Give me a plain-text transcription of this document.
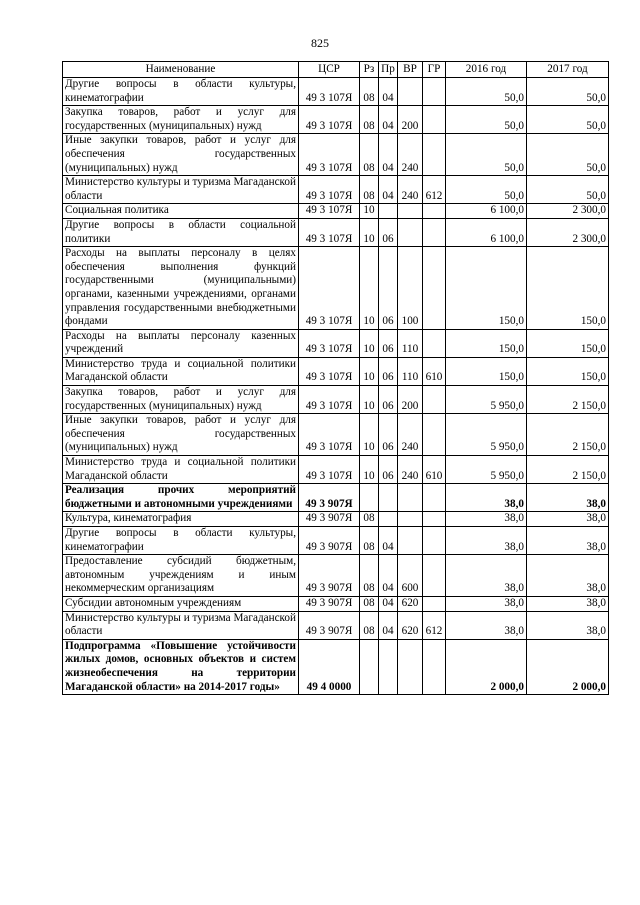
825
Наименование	ЦСР	Рз	Пр	ВР	ГР	2016 год	2017 год
Другие вопросы в области культуры, кинематографии	49 3 107Я	08	04			50,0	50,0
Закупка товаров, работ и услуг для государственных (муниципальных) нужд	49 3 107Я	08	04	200		50,0	50,0
Иные закупки товаров, работ и услуг для обеспечения государственных (муниципальных) нужд	49 3 107Я	08	04	240		50,0	50,0
Министерство культуры и туризма Магаданской области	49 3 107Я	08	04	240	612	50,0	50,0
Социальная политика	49 3 107Я	10				6 100,0	2 300,0
Другие вопросы в области социальной политики	49 3 107Я	10	06			6 100,0	2 300,0
Расходы на выплаты персоналу в целях обеспечения выполнения функций государственными (муниципальными) органами, казенными учреждениями, органами управления государственными внебюджетными фондами	49 3 107Я	10	06	100		150,0	150,0
Расходы на выплаты персоналу казенных учреждений	49 3 107Я	10	06	110		150,0	150,0
Министерство труда и социальной политики Магаданской области	49 3 107Я	10	06	110	610	150,0	150,0
Закупка товаров, работ и услуг для государственных (муниципальных) нужд	49 3 107Я	10	06	200		5 950,0	2 150,0
Иные закупки товаров, работ и услуг для обеспечения государственных (муниципальных) нужд	49 3 107Я	10	06	240		5 950,0	2 150,0
Министерство труда и социальной политики Магаданской области	49 3 107Я	10	06	240	610	5 950,0	2 150,0
Реализация прочих мероприятий бюджетными и автономными учреждениями	49 3 907Я					38,0	38,0
Культура, кинематография	49 3 907Я	08				38,0	38,0
Другие вопросы в области культуры, кинематографии	49 3 907Я	08	04			38,0	38,0
Предоставление субсидий бюджетным, автономным учреждениям и иным некоммерческим организациям	49 3 907Я	08	04	600		38,0	38,0
Субсидии автономным учреждениям	49 3 907Я	08	04	620		38,0	38,0
Министерство культуры и туризма Магаданской области	49 3 907Я	08	04	620	612	38,0	38,0
Подпрограмма «Повышение устойчивости жилых домов, основных объектов и систем жизнеобеспечения на территории Магаданской области» на 2014-2017 годы»	49 4 0000					2 000,0	2 000,0
